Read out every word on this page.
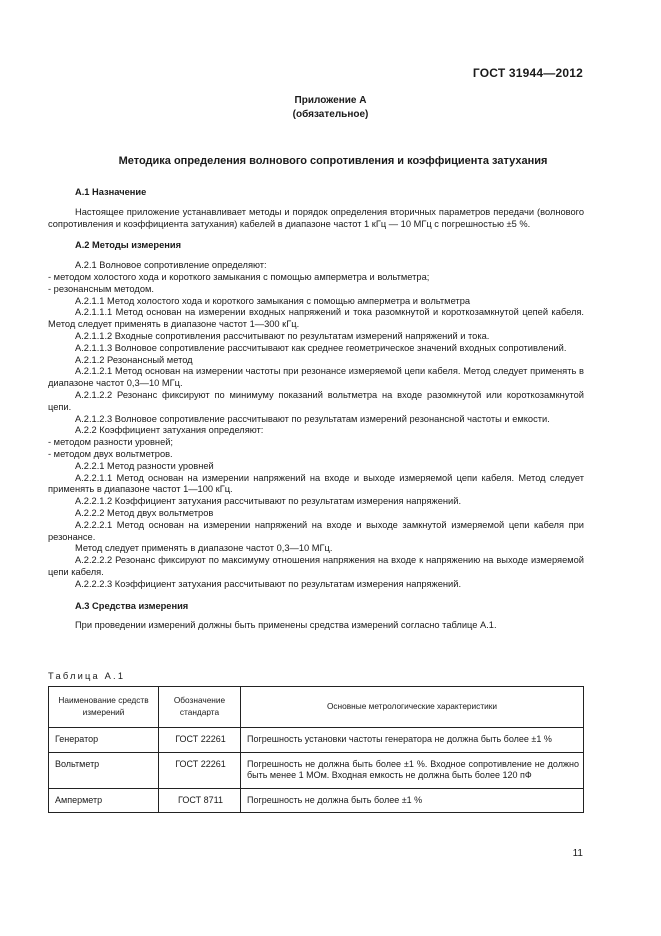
ГОСТ 31944—2012
Приложение А
(обязательное)
Методика определения волнового сопротивления и коэффициента затухания

А.1 Назначение

Настоящее приложение устанавливает методы и порядок определения вторичных параметров передачи (волнового сопротивления и коэффициента затухания) кабелей в диапазоне частот 1 кГц — 10 МГц с погрешностью ±5 %.

А.2 Методы измерения

А.2.1 Волновое сопротивление определяют:

- методом холостого хода и короткого замыкания с помощью амперметра и вольтметра;

- резонансным методом.

А.2.1.1 Метод холостого хода и короткого замыкания с помощью амперметра и вольтметра

А.2.1.1.1 Метод основан на измерении входных напряжений и тока разомкнутой и короткозамкнутой цепей кабеля. Метод следует применять в диапазоне частот 1—300 кГц.

А.2.1.1.2 Входные сопротивления рассчитывают по результатам измерений напряжений и тока.

А.2.1.1.3 Волновое сопротивление рассчитывают как среднее геометрическое значений входных сопротивлений.

А.2.1.2 Резонансный метод

А.2.1.2.1 Метод основан на измерении частоты при резонансе измеряемой цепи кабеля. Метод следует применять в диапазоне частот 0,3—10 МГц.

А.2.1.2.2 Резонанс фиксируют по минимуму показаний вольтметра на входе разомкнутой или короткозамкнутой цепи.

А.2.1.2.3 Волновое сопротивление рассчитывают по результатам измерений резонансной частоты и емкости.

А.2.2 Коэффициент затухания определяют:

- методом разности уровней;

- методом двух вольтметров.

А.2.2.1 Метод разности уровней

А.2.2.1.1 Метод основан на измерении напряжений на входе и выходе измеряемой цепи кабеля. Метод следует применять в диапазоне частот 1—100 кГц.

А.2.2.1.2 Коэффициент затухания рассчитывают по результатам измерения напряжений.

А.2.2.2 Метод двух вольтметров

А.2.2.2.1 Метод основан на измерении напряжений на входе и выходе замкнутой измеряемой цепи кабеля при резонансе.

Метод следует применять в диапазоне частот 0,3—10 МГц.

А.2.2.2.2 Резонанс фиксируют по максимуму отношения напряжения на входе к напряжению на выходе измеряемой цепи кабеля.

А.2.2.2.3 Коэффициент затухания рассчитывают по результатам измерения напряжений.

А.3 Средства измерения

При проведении измерений должны быть применены средства измерений согласно таблице А.1.

Таблица А.1
Наименование средств измерений	Обозначение стандарта	Основные метрологические характеристики
Генератор	ГОСТ 22261	Погрешность установки частоты генератора не должна быть более ±1 %
Вольтметр	ГОСТ 22261	Погрешность не должна быть более ±1 %. Входное сопротивление не должно быть менее 1 МОм. Входная емкость не должна быть более 120 пФ
Амперметр	ГОСТ 8711	Погрешность не должна быть более ±1 %
11
